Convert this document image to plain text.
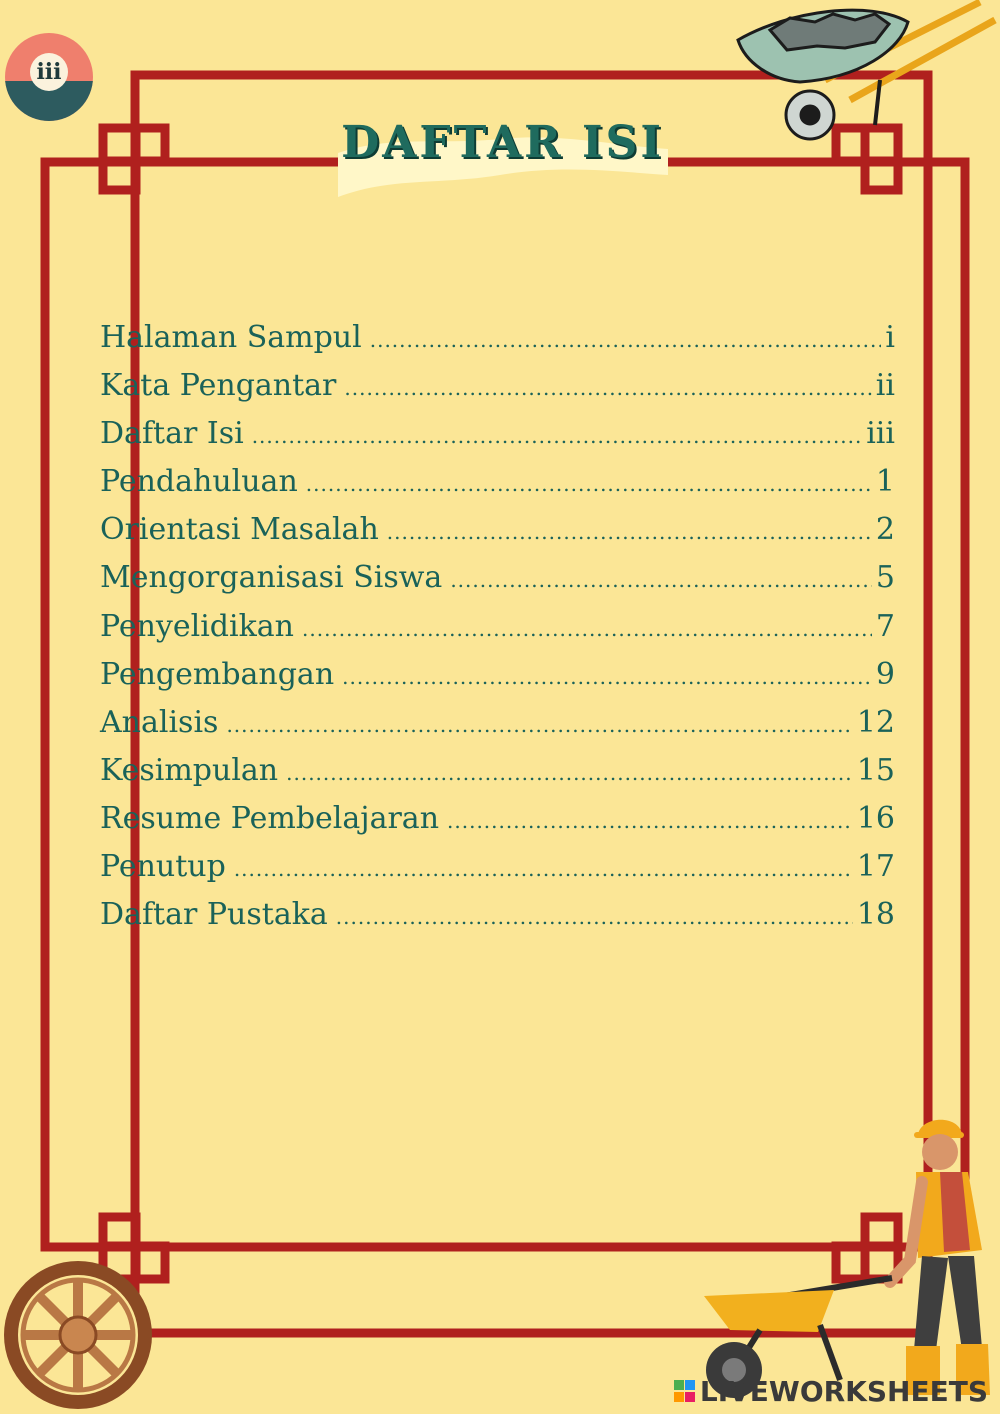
iii
DAFTAR ISI
Halaman Sampul .....	i
Kata Pengantar .....	ii
Daftar Isi .....	iii
Pendahuluan .....	1
Orientasi Masalah .....	2
Mengorganisasi Siswa .....	5
Penyelidikan .....	7
Pengembangan .....	9
Analisis .....	12
Kesimpulan .....	15
Resume Pembelajaran .....	16
Penutup .....	17
Daftar Pustaka .....	18
LIVEWORKSHEETS
